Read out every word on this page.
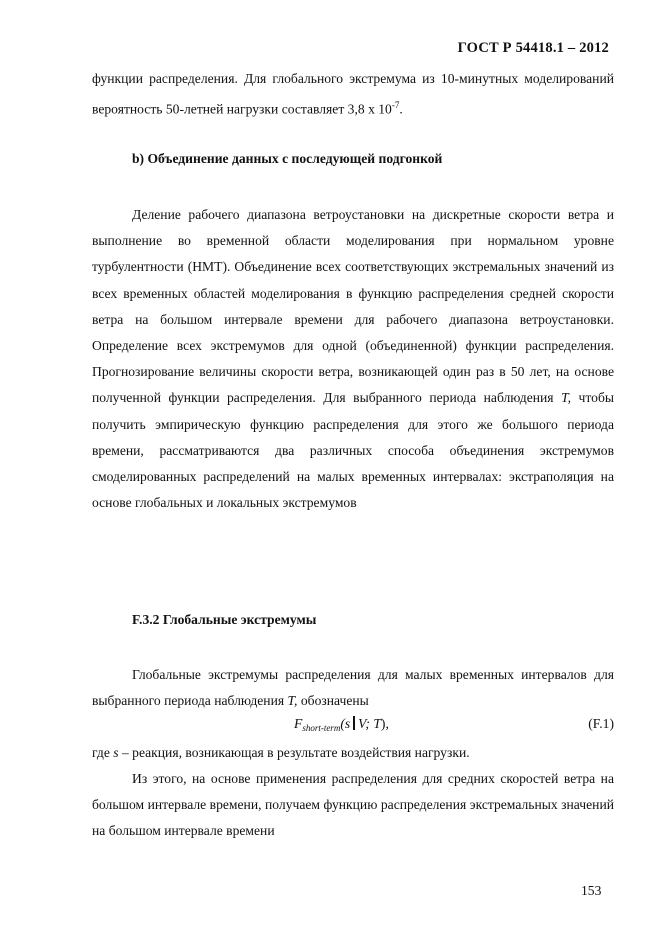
ГОСТ Р 54418.1 – 2012

функции распределения. Для глобального экстремума из 10-минутных моделирований вероятность 50-летней нагрузки составляет 3,8 х $10^{-7}$.

b) Объединение данных с последующей подгонкой

Деление рабочего диапазона ветроустановки на дискретные скорости ветра и выполнение во временной области моделирования при нормальном уровне турбулентности (НМТ). Объединение всех соответствующих экстремальных значений из всех временных областей моделирования в функцию распределения средней скорости ветра на большом интервале времени для рабочего диапазона ветроустановки. Определение всех экстремумов для одной (объединенной) функции распределения. Прогнозирование величины скорости ветра, возникающей один раз в 50 лет, на основе полученной функции распределения. Для выбранного периода наблюдения T, чтобы получить эмпирическую функцию распределения для этого же большого периода времени, рассматриваются два различных способа объединения экстремумов смоделированных распределений на малых временных интервалах: экстраполяция на основе глобальных и локальных экстремумов

F.3.2 Глобальные экстремумы

Глобальные экстремумы распределения для малых временных интервалов для выбранного периода наблюдения T, обозначены

$F_{short-term}(s$ V; T),	(F.1)

где s – реакция, возникающая в результате воздействия нагрузки.

Из этого, на основе применения распределения для средних скоростей ветра на большом интервале времени, получаем функцию распределения экстремальных значений на большом интервале времени

153
